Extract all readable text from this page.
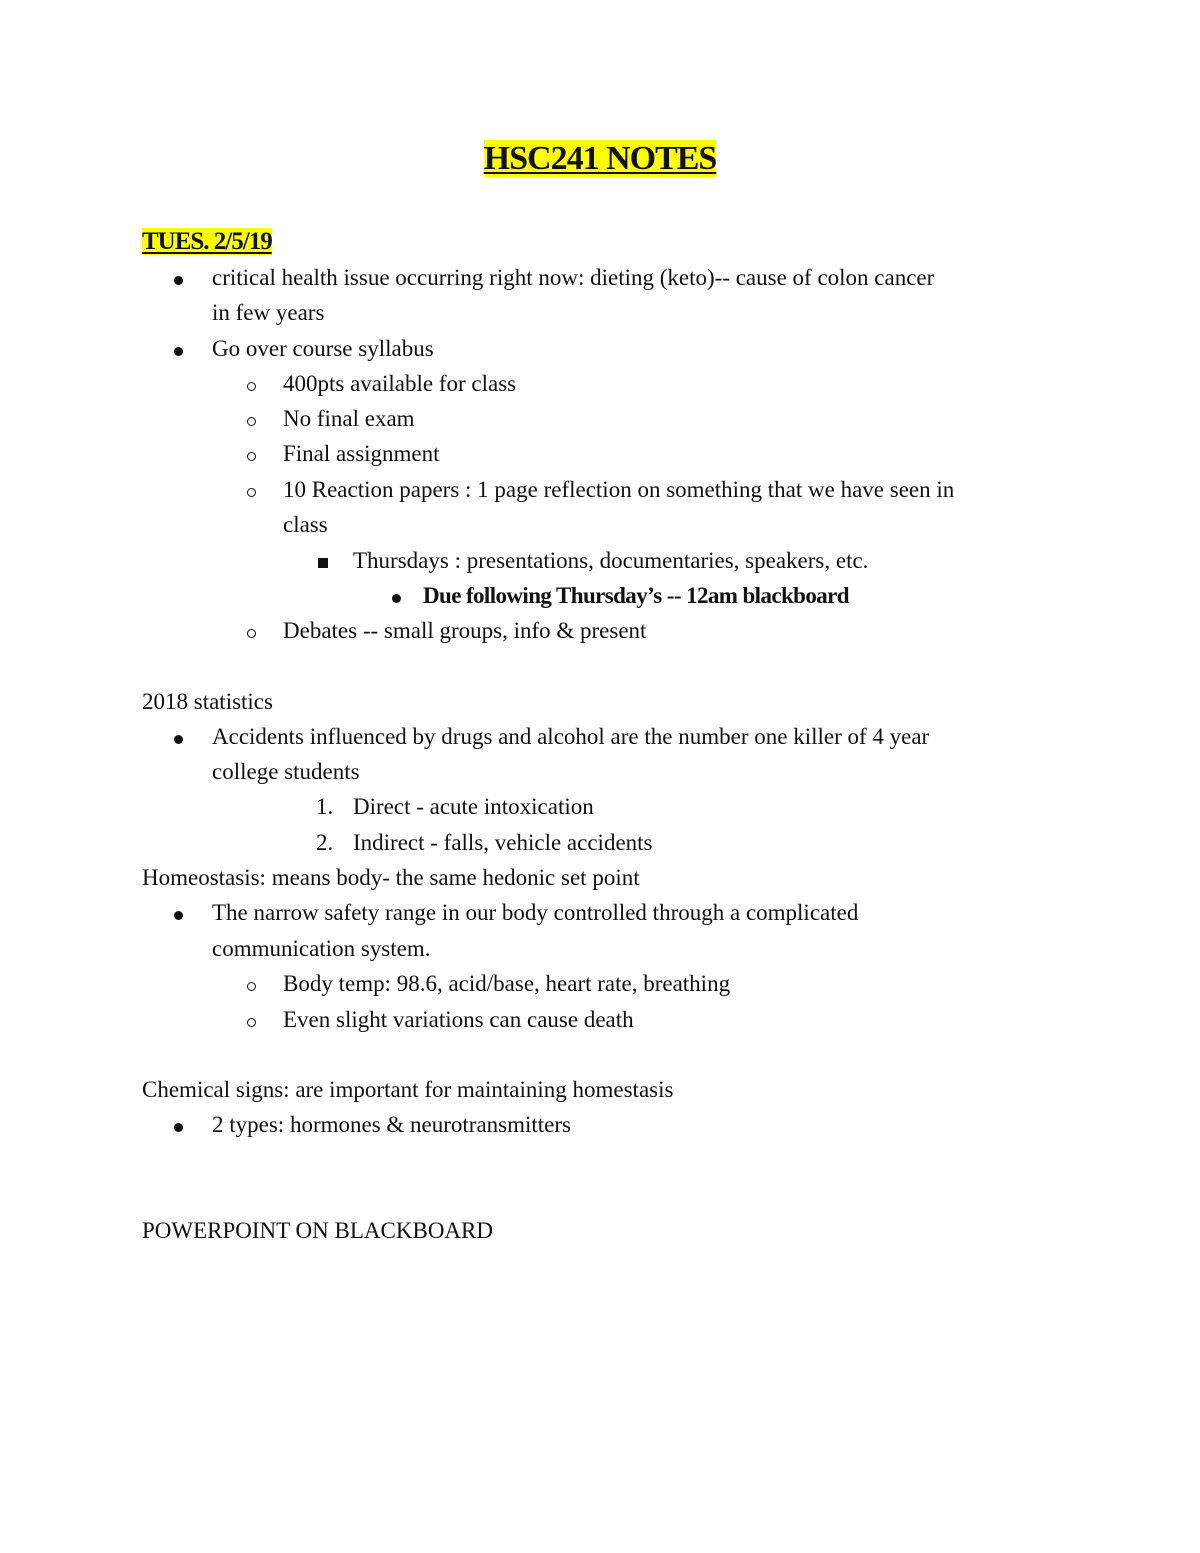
HSC241 NOTES
TUES. 2/5/19
critical health issue occurring right now: dieting (keto)-- cause of colon cancer
in few years
Go over course syllabus
400pts available for class
No final exam
Final assignment
10 Reaction papers : 1 page reflection on something that we have seen in
class
Thursdays : presentations, documentaries, speakers, etc.
Due following Thursday’s -- 12am blackboard
Debates -- small groups, info & present
2018 statistics
Accidents influenced by drugs and alcohol are the number one killer of 4 year
college students
1. Direct - acute intoxication
2. Indirect - falls, vehicle accidents
Homeostasis: means body- the same hedonic set point
The narrow safety range in our body controlled through a complicated
communication system.
Body temp: 98.6, acid/base, heart rate, breathing
Even slight variations can cause death
Chemical signs: are important for maintaining homestasis
2 types: hormones & neurotransmitters
POWERPOINT ON BLACKBOARD
